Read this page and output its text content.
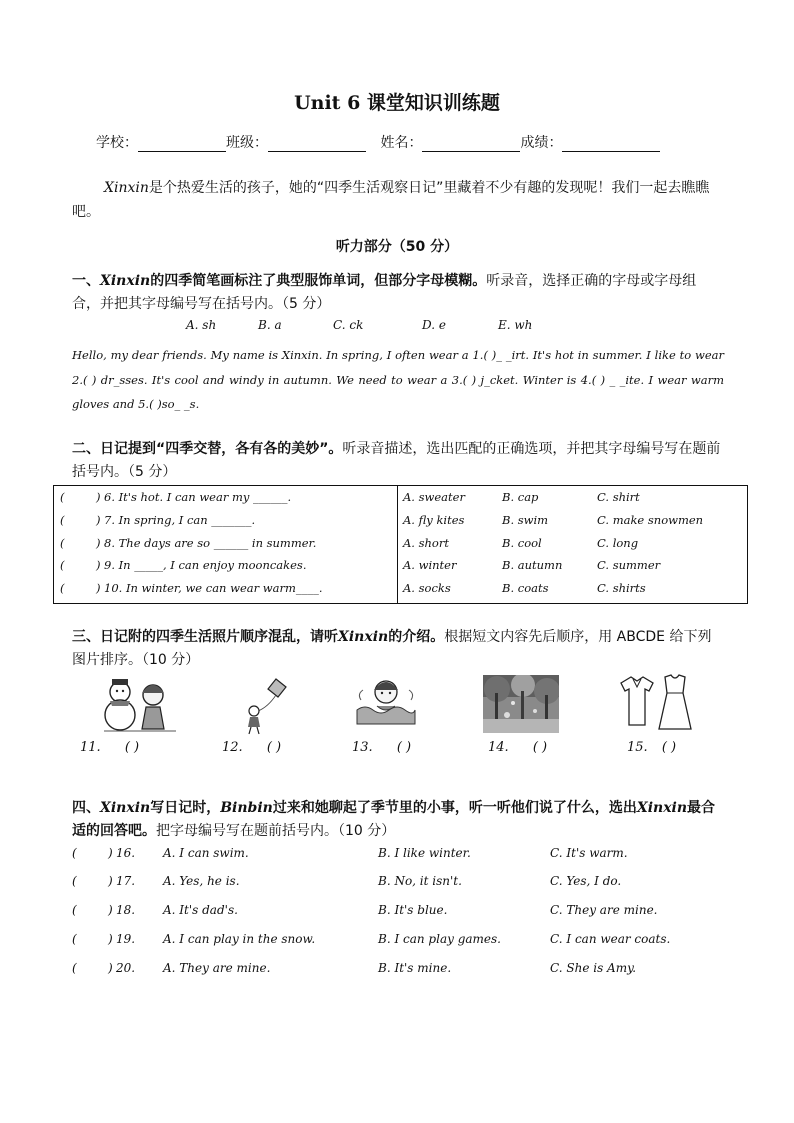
Unit 6 课堂知识训练题
学校：	班级：	姓名：	成绩：
Xinxin是个热爱生活的孩子，她的“四季生活观察日记”里藏着不少有趣的发现呢！我们一起去瞧瞧吧。
听力部分（50 分）
一、Xinxin的四季简笔画标注了典型服饰单词，但部分字母模糊。听录音，选择正确的字母或字母组合，并把其字母编号写在括号内。（5 分）
A. sh	B. a	C. ck	D. e	E. wh
Hello, my dear friends. My name is Xinxin. In spring, I often wear a 1.( )_ _irt. It's hot in summer. I like to wear 2.( ) dr_sses. It's cool and windy in autumn. We need to wear a 3.( ) j_cket. Winter is 4.( ) _ _ite. I wear warm gloves and 5.( )so_ _s.
二、日记提到“四季交替，各有各的美妙”。听录音描述，选出匹配的正确选项，并把其字母编号写在题前括号内。（5 分）
(	) 6. It's hot. I can wear my ______.	A. sweater	B. cap	C. shirt
(	) 7. In spring, I can _______.	A. fly kites	B. swim	C. make snowmen
(	) 8. The days are so ______ in summer.	A. short	B. cool	C. long
(	) 9. In _____, I can enjoy mooncakes.	A. winter	B. autumn	C. summer
(	) 10. In winter, we can wear warm____.	A. socks	B. coats	C. shirts
三、日记附的四季生活照片顺序混乱，请听Xinxin的介绍。根据短文内容先后顺序，用 ABCDE 给下列图片排序。（10 分）
11. ( )	12. ( )	13. ( )	14. ( )	15. ( )
四、Xinxin写日记时，Binbin过来和她聊起了季节里的小事，听一听他们说了什么，选出Xinxin最合适的回答吧。把字母编号写在题前括号内。（10 分）
(	) 16. A. I can swim.	B. I like winter.	C. It's warm.
(	) 17. A. Yes, he is.	B. No, it isn't.	C. Yes, I do.
(	) 18. A. It's dad's.	B. It's blue.	C. They are mine.
(	) 19. A. I can play in the snow.	B. I can play games.	C. I can wear coats.
(	) 20. A. They are mine.	B. It's mine.	C. She is Amy.
